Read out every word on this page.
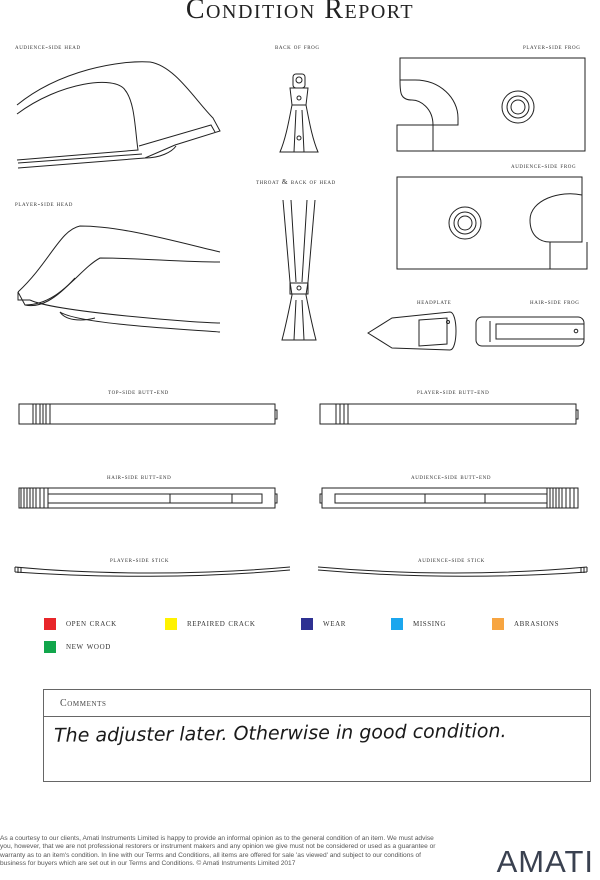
Condition Report
audience-side head	back of frog	player-side frog
audience-side frog
throat & back of head
player-side head
headplate	hair-side frog
top-side butt-end	player-side butt-end
hair-side butt-end	audience-side butt-end
player-side stick	audience-side stick
open crack	repaired crack	wear	missing	abrasions
new wood
Comments
The adjuster later. Otherwise in good condition.
As a courtesy to our clients, Amati Instruments Limited is happy to provide an informal opinion as to the general condition of an item. We must advise you, however, that we are not professional restorers or instrument makers and any opinion we give must not be considered or used as a guarantee or warranty as to an item's condition. In line with our Terms and Conditions, all items are offered for sale 'as viewed' and subject to our conditions of business for buyers which are set out in our Terms and Conditions. © Amati Instruments Limited 2017	AMATI
